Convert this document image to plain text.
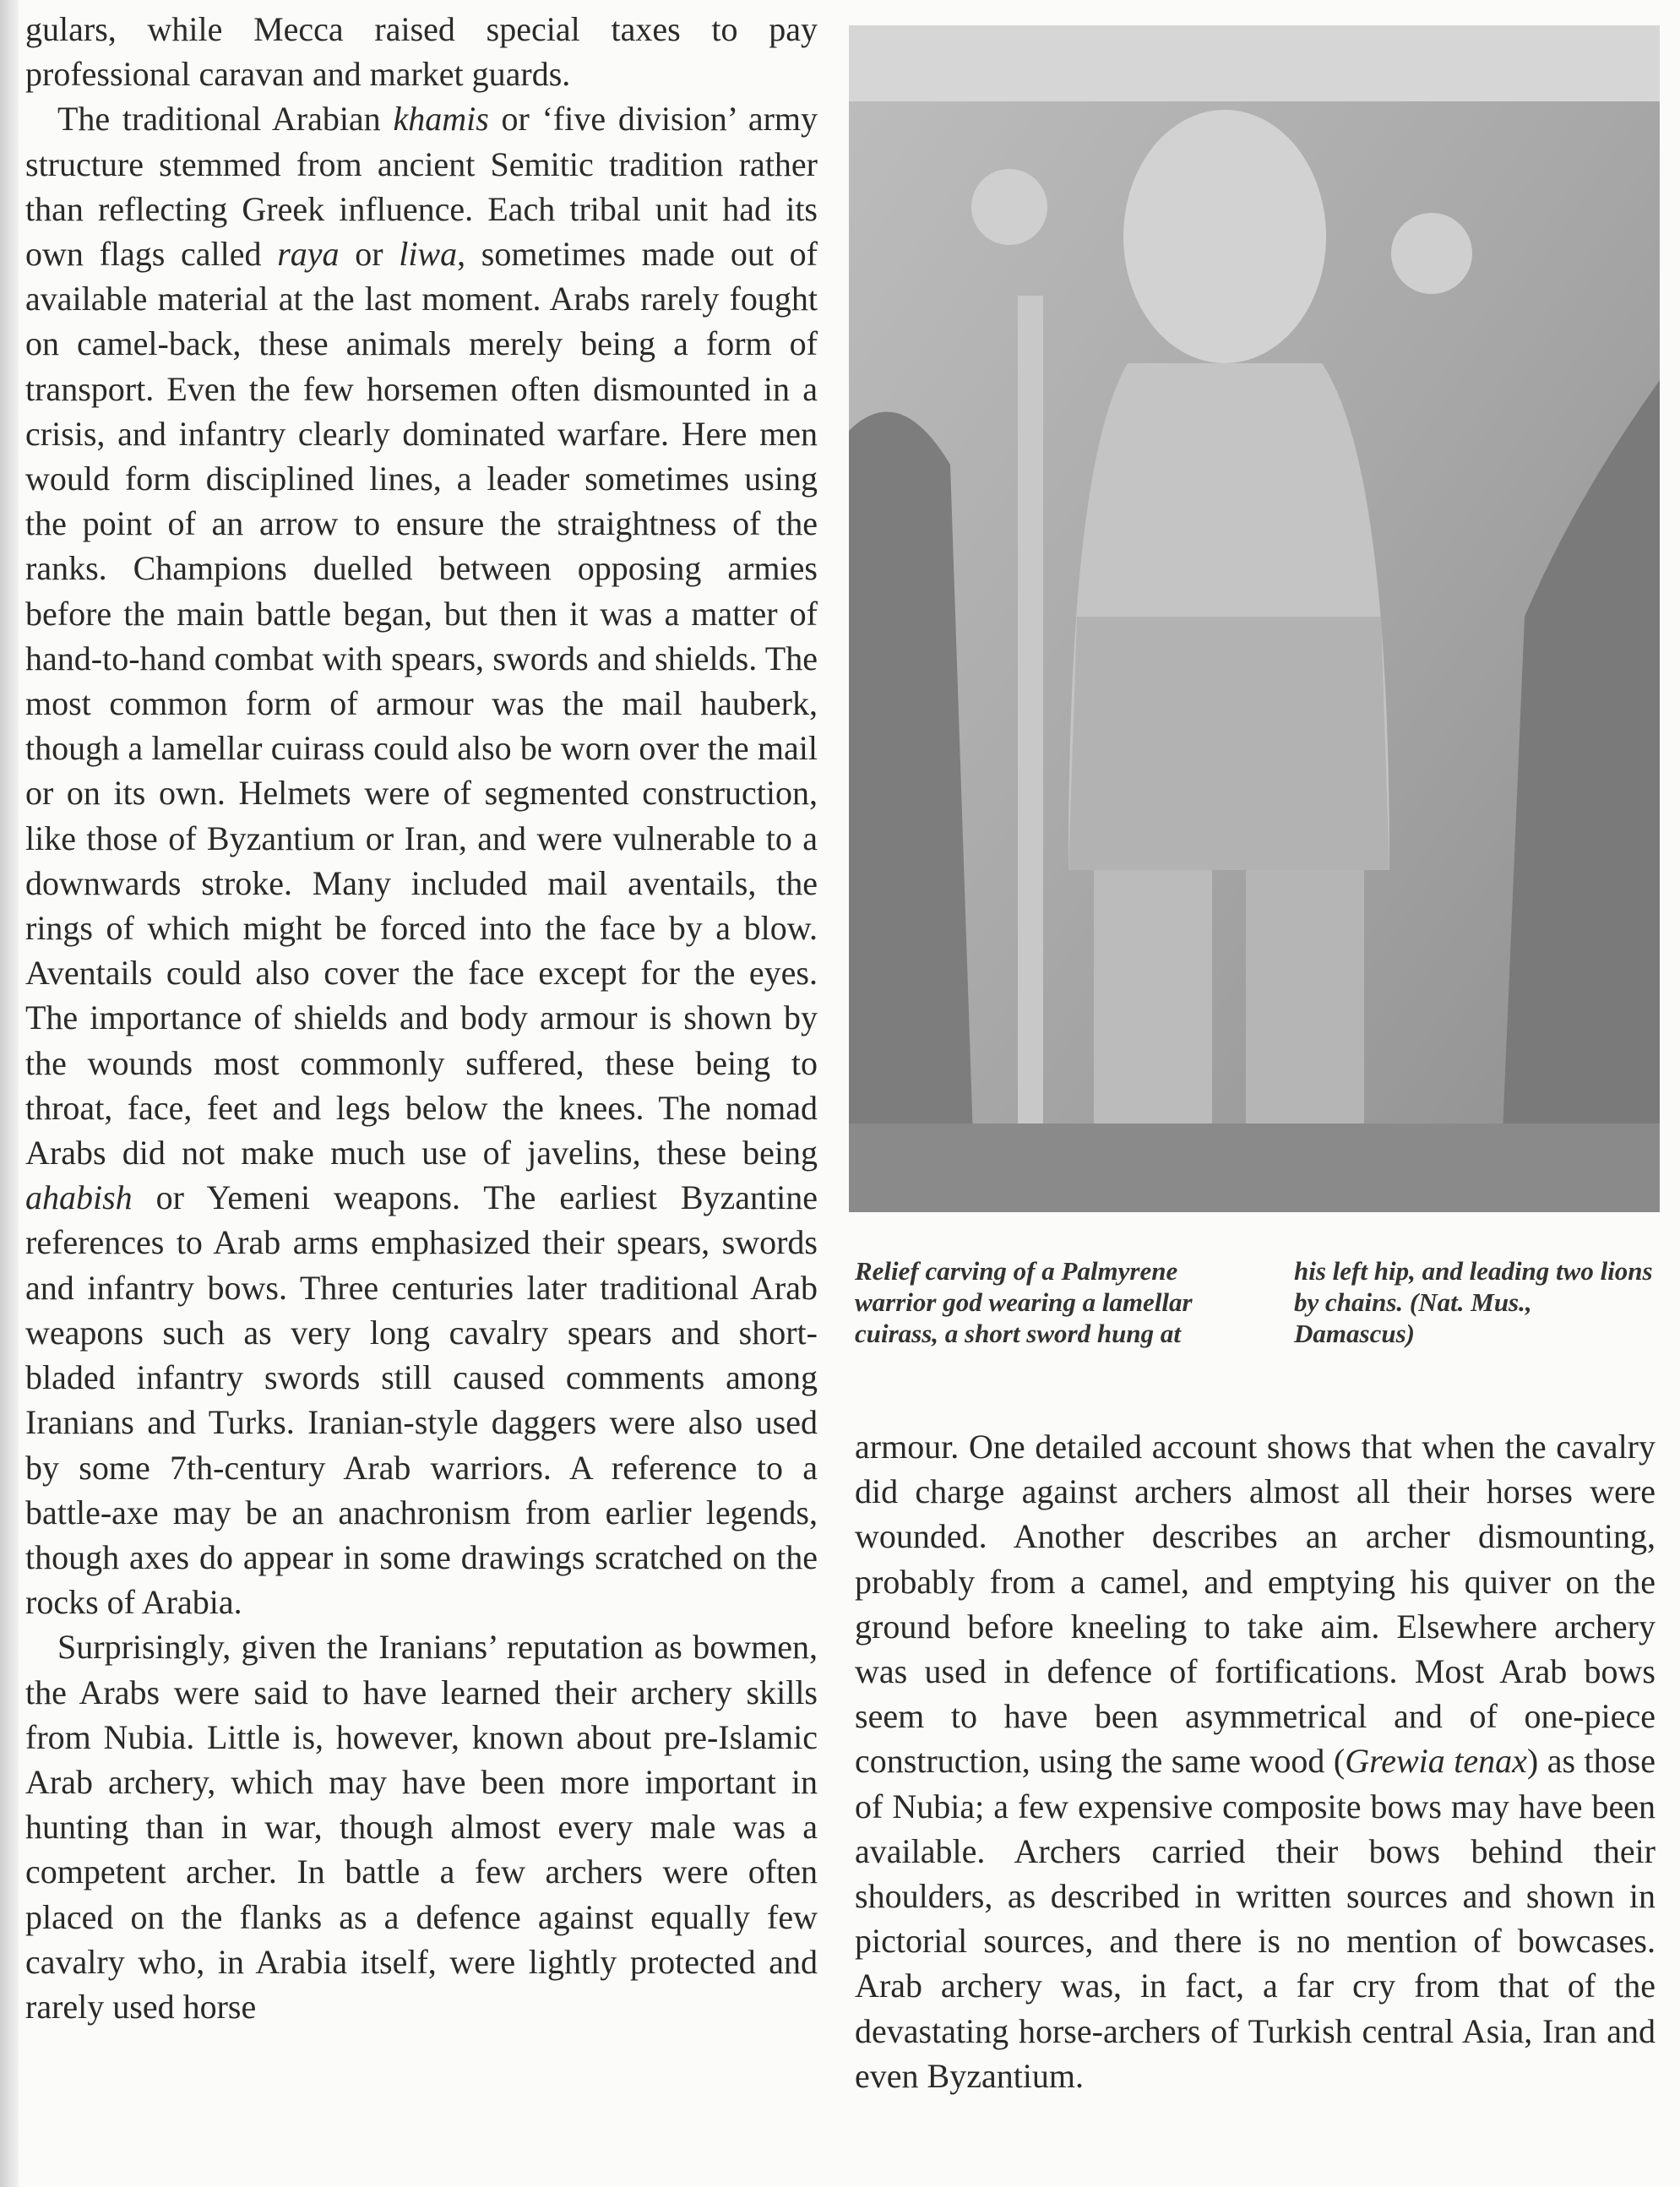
gulars, while Mecca raised special taxes to pay professional caravan and market guards.

The traditional Arabian khamis or ‘five division’ army structure stemmed from ancient Semitic tradition rather than reflecting Greek influence. Each tribal unit had its own flags called raya or liwa, sometimes made out of available material at the last moment. Arabs rarely fought on camel-back, these animals merely being a form of transport. Even the few horsemen often dismounted in a crisis, and infantry clearly dominated warfare. Here men would form disciplined lines, a leader sometimes using the point of an arrow to ensure the straightness of the ranks. Champions duelled between opposing armies before the main battle began, but then it was a matter of hand-to-hand combat with spears, swords and shields. The most common form of armour was the mail hauberk, though a lamellar cuirass could also be worn over the mail or on its own. Helmets were of segmented construction, like those of Byzantium or Iran, and were vulnerable to a downwards stroke. Many included mail aventails, the rings of which might be forced into the face by a blow. Aventails could also cover the face except for the eyes. The importance of shields and body armour is shown by the wounds most commonly suffered, these being to throat, face, feet and legs below the knees. The nomad Arabs did not make much use of javelins, these being ahabish or Yemeni weapons. The earliest Byzantine references to Arab arms emphasized their spears, swords and infantry bows. Three centuries later traditional Arab weapons such as very long cavalry spears and short-bladed infantry swords still caused comments among Iranians and Turks. Iranian-style daggers were also used by some 7th-century Arab warriors. A reference to a battle-axe may be an anachronism from earlier legends, though axes do appear in some drawings scratched on the rocks of Arabia.

Surprisingly, given the Iranians’ reputation as bowmen, the Arabs were said to have learned their archery skills from Nubia. Little is, however, known about pre-Islamic Arab archery, which may have been more important in hunting than in war, though almost every male was a competent archer. In battle a few archers were often placed on the flanks as a defence against equally few cavalry who, in Arabia itself, were lightly protected and rarely used horse

Relief carving of a Palmyrene warrior god wearing a lamellar cuirass, a short sword hung at his left hip, and leading two lions by chains. (Nat. Mus., Damascus)

armour. One detailed account shows that when the cavalry did charge against archers almost all their horses were wounded. Another describes an archer dismounting, probably from a camel, and emptying his quiver on the ground before kneeling to take aim. Elsewhere archery was used in defence of fortifications. Most Arab bows seem to have been asymmetrical and of one-piece construction, using the same wood (Grewia tenax) as those of Nubia; a few expensive composite bows may have been available. Archers carried their bows behind their shoulders, as described in written sources and shown in pictorial sources, and there is no mention of bowcases. Arab archery was, in fact, a far cry from that of the devastating horse-archers of Turkish central Asia, Iran and even Byzantium.
